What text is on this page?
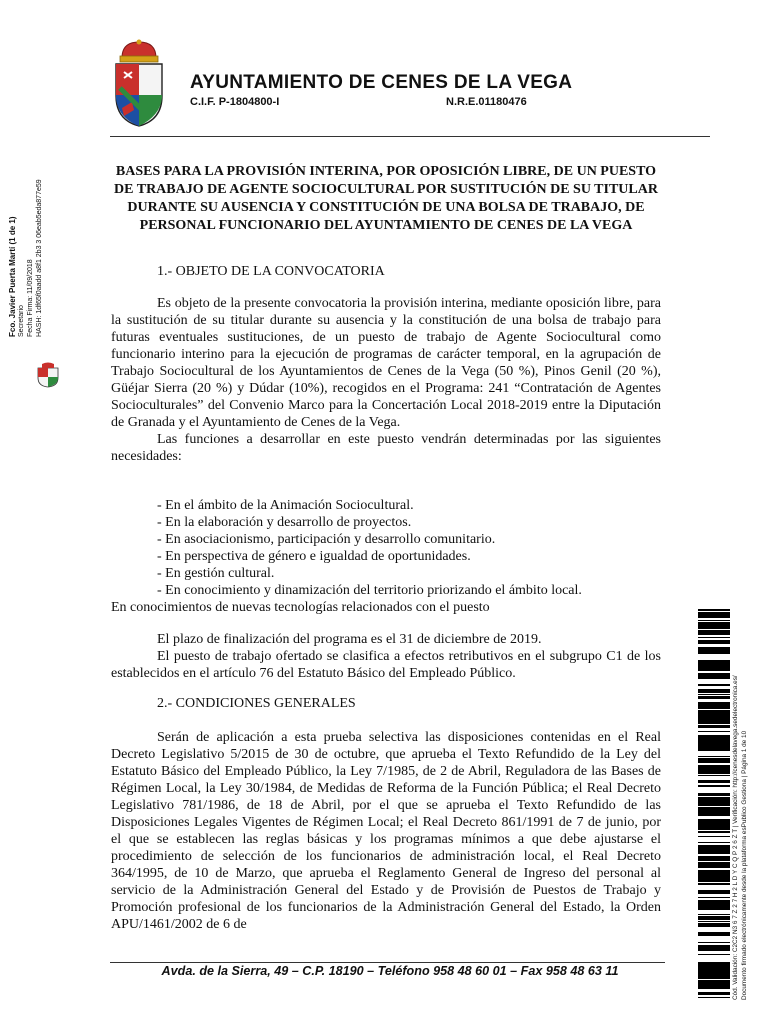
AYUNTAMIENTO DE CENES DE LA VEGA
C.I.F. P-1804800-I	N.R.E.01180476
Fco. Javier Puerta Martí (1 de 1) Secretario Fecha Firma: 11/09/2018 HASH: 1df65f0aadd a8f1 2b3 3 06eab5eda877e59
BASES PARA LA PROVISIÓN INTERINA, POR OPOSICIÓN LIBRE, DE UN PUESTO DE TRABAJO DE AGENTE SOCIOCULTURAL POR SUSTITUCIÓN DE SU TITULAR DURANTE SU AUSENCIA Y CONSTITUCIÓN DE UNA BOLSA DE TRABAJO, DE PERSONAL FUNCIONARIO DEL AYUNTAMIENTO DE CENES DE LA VEGA
1.- OBJETO DE LA CONVOCATORIA

Es objeto de la presente convocatoria la provisión interina, mediante oposición libre, para la sustitución de su titular durante su ausencia y la constitución de una bolsa de trabajo para futuras eventuales sustituciones, de un puesto de trabajo de Agente Sociocultural como funcionario interino para la ejecución de programas de carácter temporal, en la agrupación de Trabajo Sociocultural de los Ayuntamientos de Cenes de la Vega (50 %), Pinos Genil (20 %), Güéjar Sierra (20 %) y Dúdar (10%), recogidos en el Programa: 241 “Contratación de Agentes Socioculturales” del Convenio Marco para la Concertación Local 2018-2019 entre la Diputación de Granada y el Ayuntamiento de Cenes de la Vega.

Las funciones a desarrollar en este puesto vendrán determinadas por las siguientes necesidades:

- En el ámbito de la Animación Sociocultural.
- En la elaboración y desarrollo de proyectos.
- En asociacionismo, participación y desarrollo comunitario.
- En perspectiva de género e igualdad de oportunidades.
- En gestión cultural.
- En conocimiento y dinamización del territorio priorizando el ámbito local.
En conocimientos de nuevas tecnologías relacionados con el puesto

El plazo de finalización del programa es el 31 de diciembre de 2019.

El puesto de trabajo ofertado se clasifica a efectos retributivos en el subgrupo C1 de los establecidos en el artículo 76 del Estatuto Básico del Empleado Público.

2.- CONDICIONES GENERALES

Serán de aplicación a esta prueba selectiva las disposiciones contenidas en el Real Decreto Legislativo 5/2015 de 30 de octubre, que aprueba el Texto Refundido de la Ley del Estatuto Básico del Empleado Público, la Ley 7/1985, de 2 de Abril, Reguladora de las Bases de Régimen Local, la Ley 30/1984, de Medidas de Reforma de la Función Pública; el Real Decreto Legislativo 781/1986, de 18 de Abril, por el que se aprueba el Texto Refundido de las Disposiciones Legales Vigentes de Régimen Local; el Real Decreto 861/1991 de 7 de junio, por el que se establecen las reglas básicas y los programas mínimos a que debe ajustarse el procedimiento de selección de los funcionarios de administración local, el Real Decreto 364/1995, de 10 de Marzo, que aprueba el Reglamento General de Ingreso del personal al servicio de la Administración General del Estado y de Provisión de Puestos de Trabajo y Promoción profesional de los funcionarios de la Administración General del Estado, la Orden APU/1461/2002 de 6 de

Avda. de la Sierra, 49 – C.P. 18190 – Teléfono 958 48 60 01 – Fax 958 48 63 11	Cód. Validación: C2C2 N3 6 7 Z 2 7 H 2 L D Y C Q P 2 6 Z T | Verificación: http://cenesdelavega.sedelectronica.es/ Documento firmado electrónicamente desde la plataforma esPublico Gestiona | Página 1 de 10
